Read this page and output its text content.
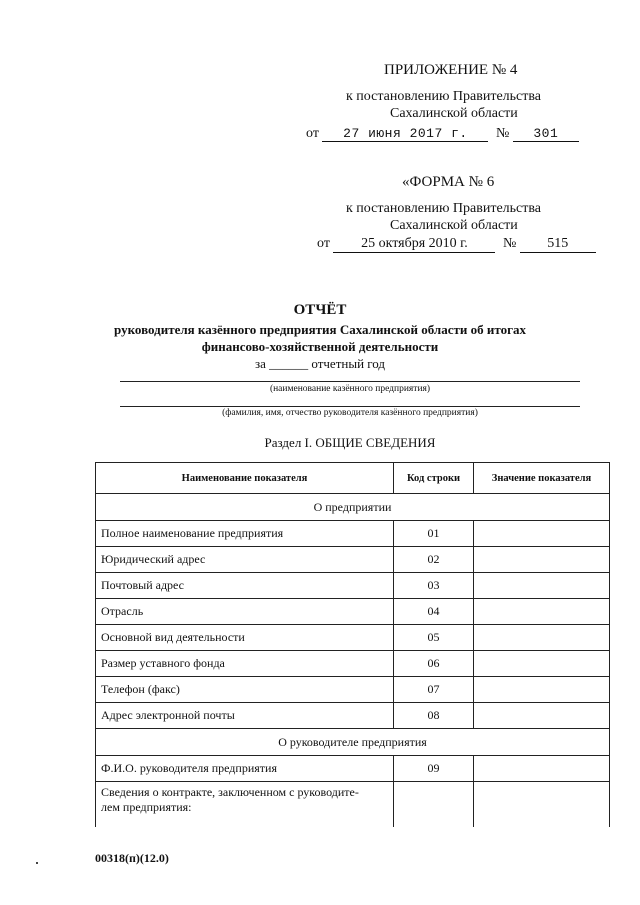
ПРИЛОЖЕНИЕ № 4
к постановлению Правительства
Сахалинской области
от 27 июня 2017 г. № 301
«ФОРМА № 6
к постановлению Правительства
Сахалинской области
от 25 октября 2010 г.	№ 515
ОТЧЁТ
руководителя казённого предприятия Сахалинской области об итогах
финансово-хозяйственной деятельности
за ______ отчетный год
(наименование казённого предприятия)
(фамилия, имя, отчество руководителя казённого предприятия)
Раздел I. ОБЩИЕ СВЕДЕНИЯ
Наименование показателя	Код строки	Значение показателя
О предприятии		
Полное наименование предприятия	01	
Юридический адрес	02	
Почтовый адрес	03	
Отрасль	04	
Основной вид деятельности	05	
Размер уставного фонда	06	
Телефон (факс)	07	
Адрес электронной почты	08	
О руководителе предприятия		
Ф.И.О. руководителя предприятия	09	

Сведения о контракте, заключенном с руководите-
лем предприятия:		

00318(п)(12.0)
